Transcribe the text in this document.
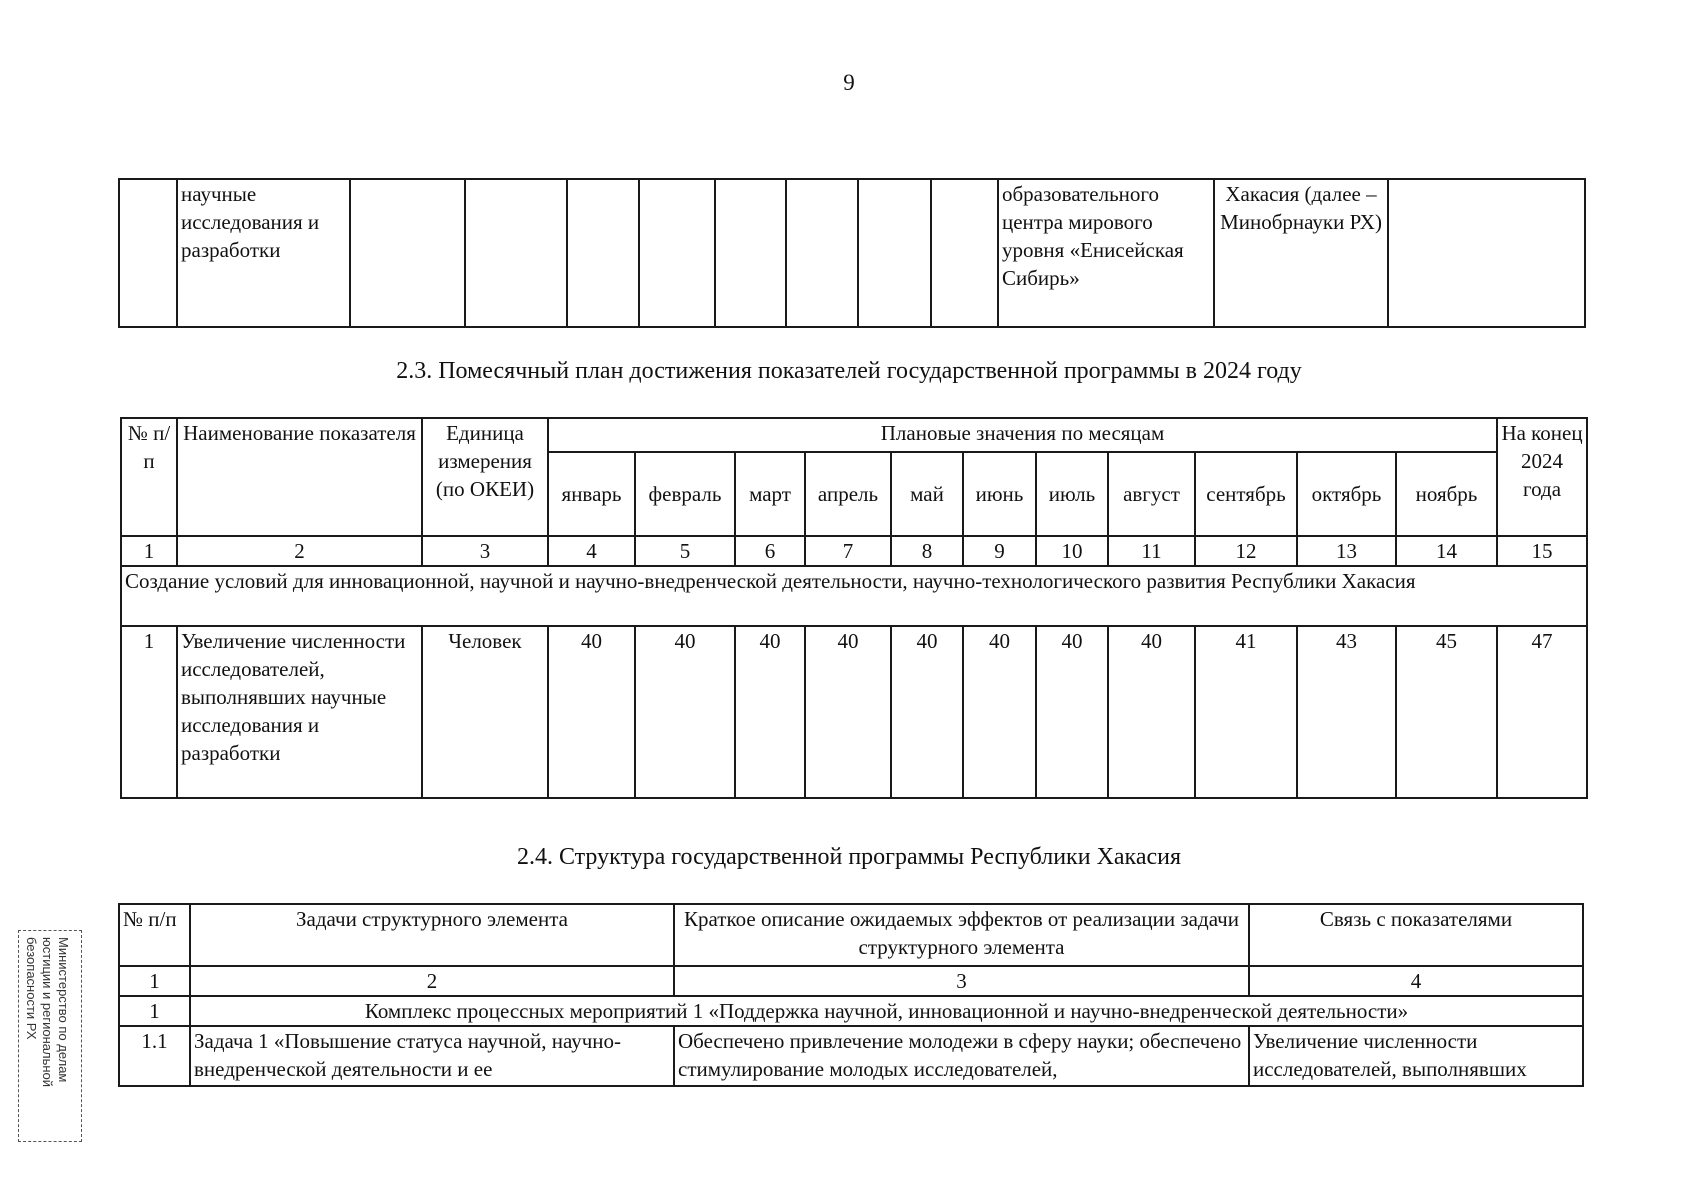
9
	научные исследования и разработки									образовательного центра мирового уровня «Енисейская Сибирь»	Хакасия (далее – Минобрнауки РХ)	
2.3. Помесячный план достижения показателей государственной программы в 2024 году
№ п/п	Наименование показателя	Единица измерения (по ОКЕИ)	Плановые значения по месяцам											На конец 2024 года
			январь	февраль	март	апрель	май	июнь	июль	август	сентябрь	октябрь	ноябрь	
1	2	3	4	5	6	7	8	9	10	11	12	13	14	15
Создание условий для инновационной, научной и научно-внедренческой деятельности, научно-технологического развития Республики Хакасия														
1	Увеличение численности исследователей, выполнявших научные исследования и разработки	Человек	40	40	40	40	40	40	40	40	41	43	45	47
2.4. Структура государственной программы Республики Хакасия
№ п/п	Задачи структурного элемента	Краткое описание ожидаемых эффектов от реализации задачи структурного элемента	Связь с показателями
1	2	3	4
1	Комплекс процессных мероприятий 1 «Поддержка научной, инновационной и научно-внедренческой деятельности»		
1.1	Задача 1 «Повышение статуса научной, научно-внедренческой деятельности и ее	Обеспечено привлечение молодежи в сферу науки; обеспечено стимулирование молодых исследователей,	Увеличение численности исследователей, выполнявших
Министерство по делам
юстиции и региональной
безопасности РХ
